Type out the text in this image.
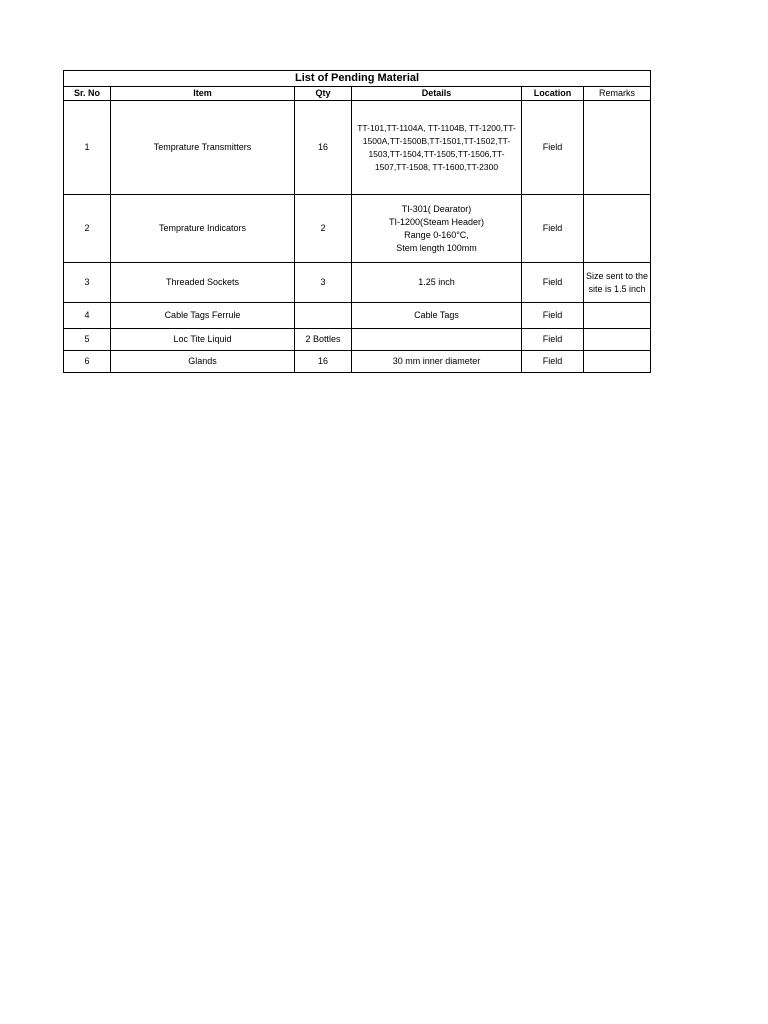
List of Pending Material					
Sr. No	Item	Qty	Details	Location	Remarks
1	Temprature Transmitters	16	TT-101,TT-1104A, TT-1104B, TT-1200,TT-
1500A,TT-1500B,TT-1501,TT-1502,TT-
1503,TT-1504,TT-1505,TT-1506,TT-
1507,TT-1508, TT-1600,TT-2300	Field	
2	Temprature Indicators	2	TI-301( Dearator)
TI-1200(Steam Header)
Range 0-160°C,
Stem length 100mm	Field	
3	Threaded Sockets	3	1.25 inch	Field	Size sent to the
site is 1.5 inch

4	Cable Tags Ferrule		Cable Tags	Field	
5	Loc Tite Liquid	2 Bottles		Field	
6	Glands	16	30 mm inner diameter	Field	
